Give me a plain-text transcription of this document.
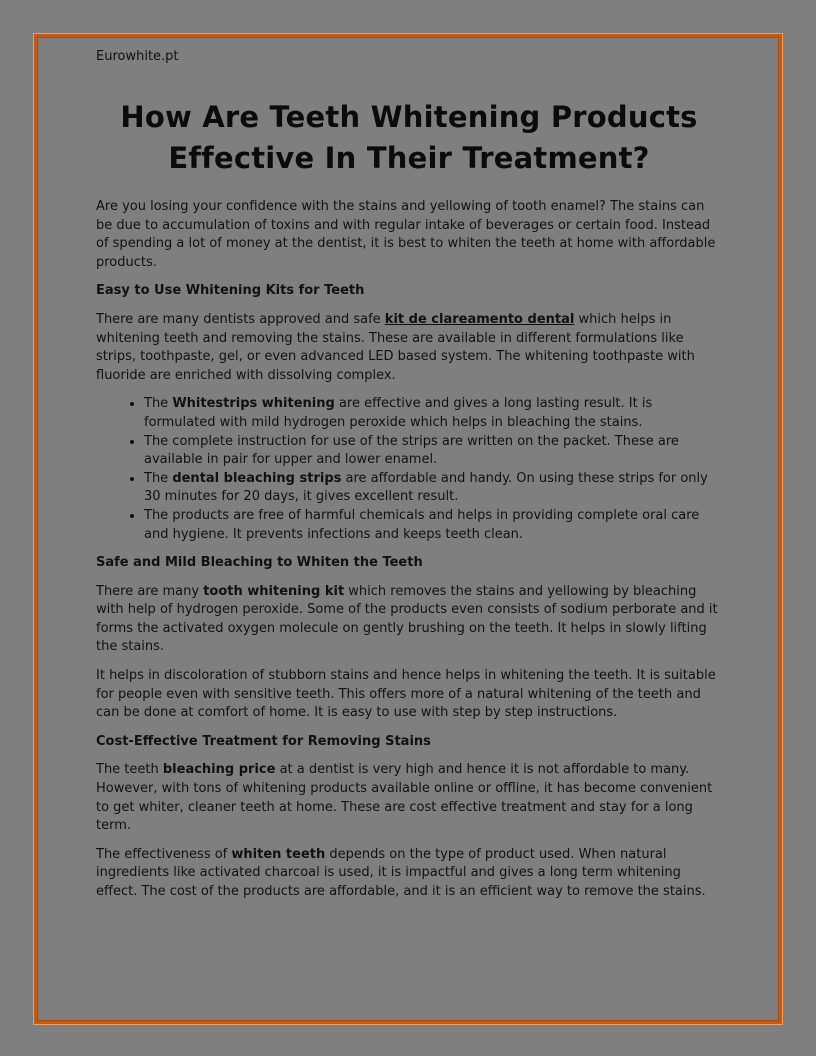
Eurowhite.pt

How Are Teeth Whitening Products Effective In Their Treatment?

Are you losing your confidence with the stains and yellowing of tooth enamel? The stains can be due to accumulation of toxins and with regular intake of beverages or certain food. Instead of spending a lot of money at the dentist, it is best to whiten the teeth at home with affordable products.

Easy to Use Whitening Kits for Teeth

There are many dentists approved and safe kit de clareamento dental which helps in whitening teeth and removing the stains. These are available in different formulations like strips, toothpaste, gel, or even advanced LED based system. The whitening toothpaste with fluoride are enriched with dissolving complex.

• The Whitestrips whitening are effective and gives a long lasting result. It is formulated with mild hydrogen peroxide which helps in bleaching the stains.
• The complete instruction for use of the strips are written on the packet. These are available in pair for upper and lower enamel.
• The dental bleaching strips are affordable and handy. On using these strips for only 30 minutes for 20 days, it gives excellent result.
• The products are free of harmful chemicals and helps in providing complete oral care and hygiene. It prevents infections and keeps teeth clean.
Safe and Mild Bleaching to Whiten the Teeth

There are many tooth whitening kit which removes the stains and yellowing by bleaching with help of hydrogen peroxide. Some of the products even consists of sodium perborate and it forms the activated oxygen molecule on gently brushing on the teeth. It helps in slowly lifting the stains.

It helps in discoloration of stubborn stains and hence helps in whitening the teeth. It is suitable for people even with sensitive teeth. This offers more of a natural whitening of the teeth and can be done at comfort of home. It is easy to use with step by step instructions.

Cost-Effective Treatment for Removing Stains

The teeth bleaching price at a dentist is very high and hence it is not affordable to many. However, with tons of whitening products available online or offline, it has become convenient to get whiter, cleaner teeth at home. These are cost effective treatment and stay for a long term.

The effectiveness of whiten teeth depends on the type of product used. When natural ingredients like activated charcoal is used, it is impactful and gives a long term whitening effect. The cost of the products are affordable, and it is an efficient way to remove the stains.
